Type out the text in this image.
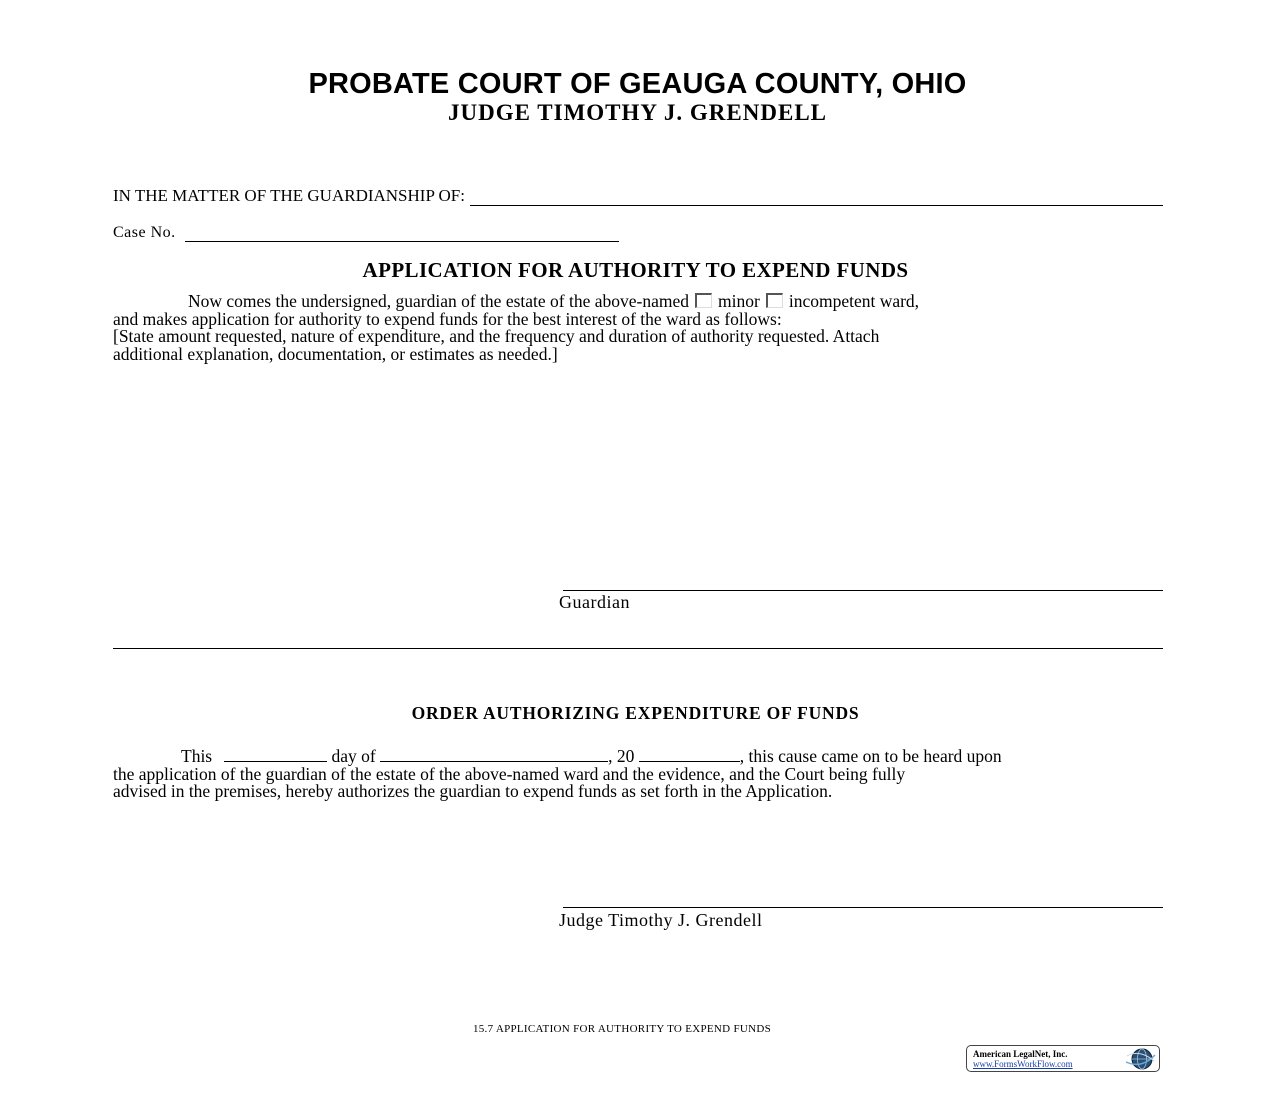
PROBATE COURT OF GEAUGA COUNTY, OHIO
JUDGE TIMOTHY J. GRENDELL
IN THE MATTER OF THE GUARDIANSHIP OF:
Case No.
APPLICATION FOR AUTHORITY TO EXPEND FUNDS
Now comes the undersigned, guardian of the estate of the above-named minor incompetent ward,
and makes application for authority to expend funds for the best interest of the ward as follows:
[State amount requested, nature of expenditure, and the frequency and duration of authority requested. Attach
additional explanation, documentation, or estimates as needed.]
Guardian
ORDER AUTHORIZING EXPENDITURE OF FUNDS
This	day of	, 20	, this cause came on to be heard upon
the application of the guardian of the estate of the above-named ward and the evidence, and the Court being fully
advised in the premises, hereby authorizes the guardian to expend funds as set forth in the Application.
Judge Timothy J. Grendell
15.7 APPLICATION FOR AUTHORITY TO EXPEND FUNDS
American LegalNet, Inc.
www.FormsWorkFlow.com
